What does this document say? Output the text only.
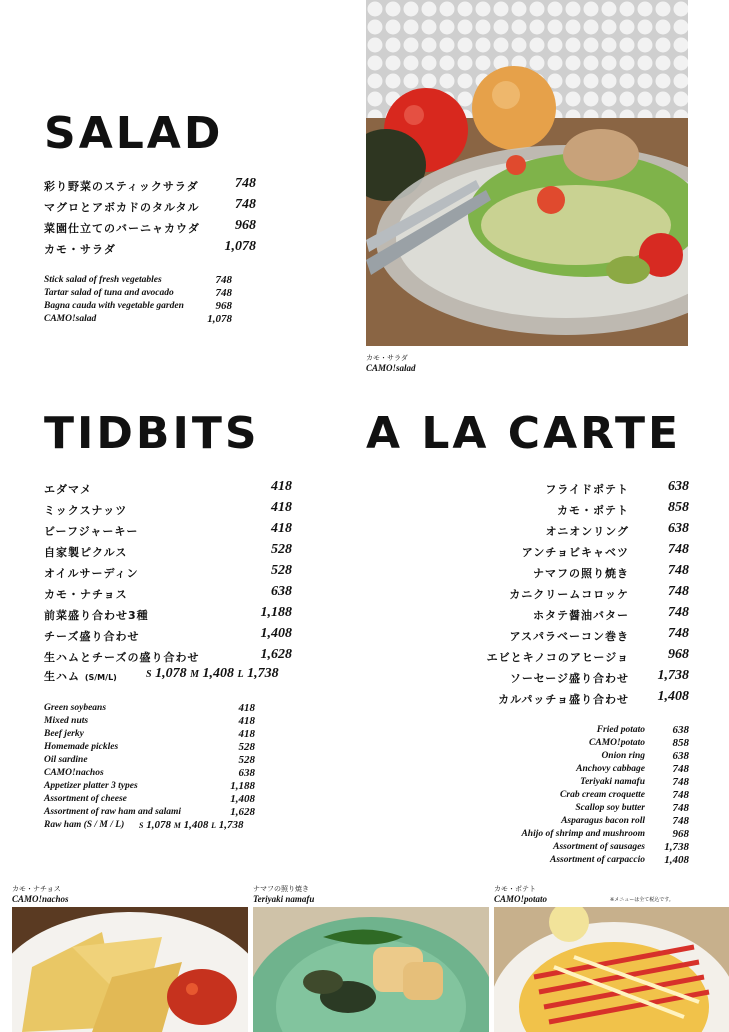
SALAD
彩り野菜のスティックサラダ	748
マグロとアボカドのタルタル	748
菜園仕立てのバーニャカウダ	968
カモ・サラダ	1,078
Stick salad of fresh vegetables	748
Tartar salad of tuna and avocado	748
Bagna cauda with vegetable garden	968
CAMO!salad	1,078
カモ・サラダ
CAMO!salad
TIDBITS
エダマメ	418
ミックスナッツ	418
ビーフジャーキー	418
自家製ピクルス	528
オイルサーディン	528
カモ・ナチョス	638
前菜盛り合わせ3種	1,188
チーズ盛り合わせ	1,408
生ハムとチーズの盛り合わせ	1,628
生ハム (S/M/L)	S 1,078 M 1,408 L 1,738
Green soybeans	418
Mixed nuts	418
Beef jerky	418
Homemade pickles	528
Oil sardine	528
CAMO!nachos	638
Appetizer platter 3 types	1,188
Assortment of cheese	1,408
Assortment of raw ham and salami	1,628
Raw ham (S / M / L) S 1,078 M 1,408 L 1,738
A LA CARTE
フライドポテト	638
カモ・ポテト	858
オニオンリング	638
アンチョビキャベツ	748
ナマフの照り焼き	748
カニクリームコロッケ	748
ホタテ醤油バター	748
アスパラベーコン巻き	748
エビとキノコのアヒージョ	968
ソーセージ盛り合わせ 1,738
カルパッチョ盛り合わせ 1,408
Fried potato	638
CAMO!potato	858
Onion ring	638
Anchovy cabbage	748
Teriyaki namafu	748
Crab cream croquette	748
Scallop soy butter	748
Asparagus bacon roll	748
Ahijo of shrimp and mushroom	968
Assortment of sausages 1,738
Assortment of carpaccio 1,408
カモ・ナチョス
CAMO!nachos
ナマフの照り焼き
Teriyaki namafu
カモ・ポテト
CAMO!potato	※メニューは全て税込です。
